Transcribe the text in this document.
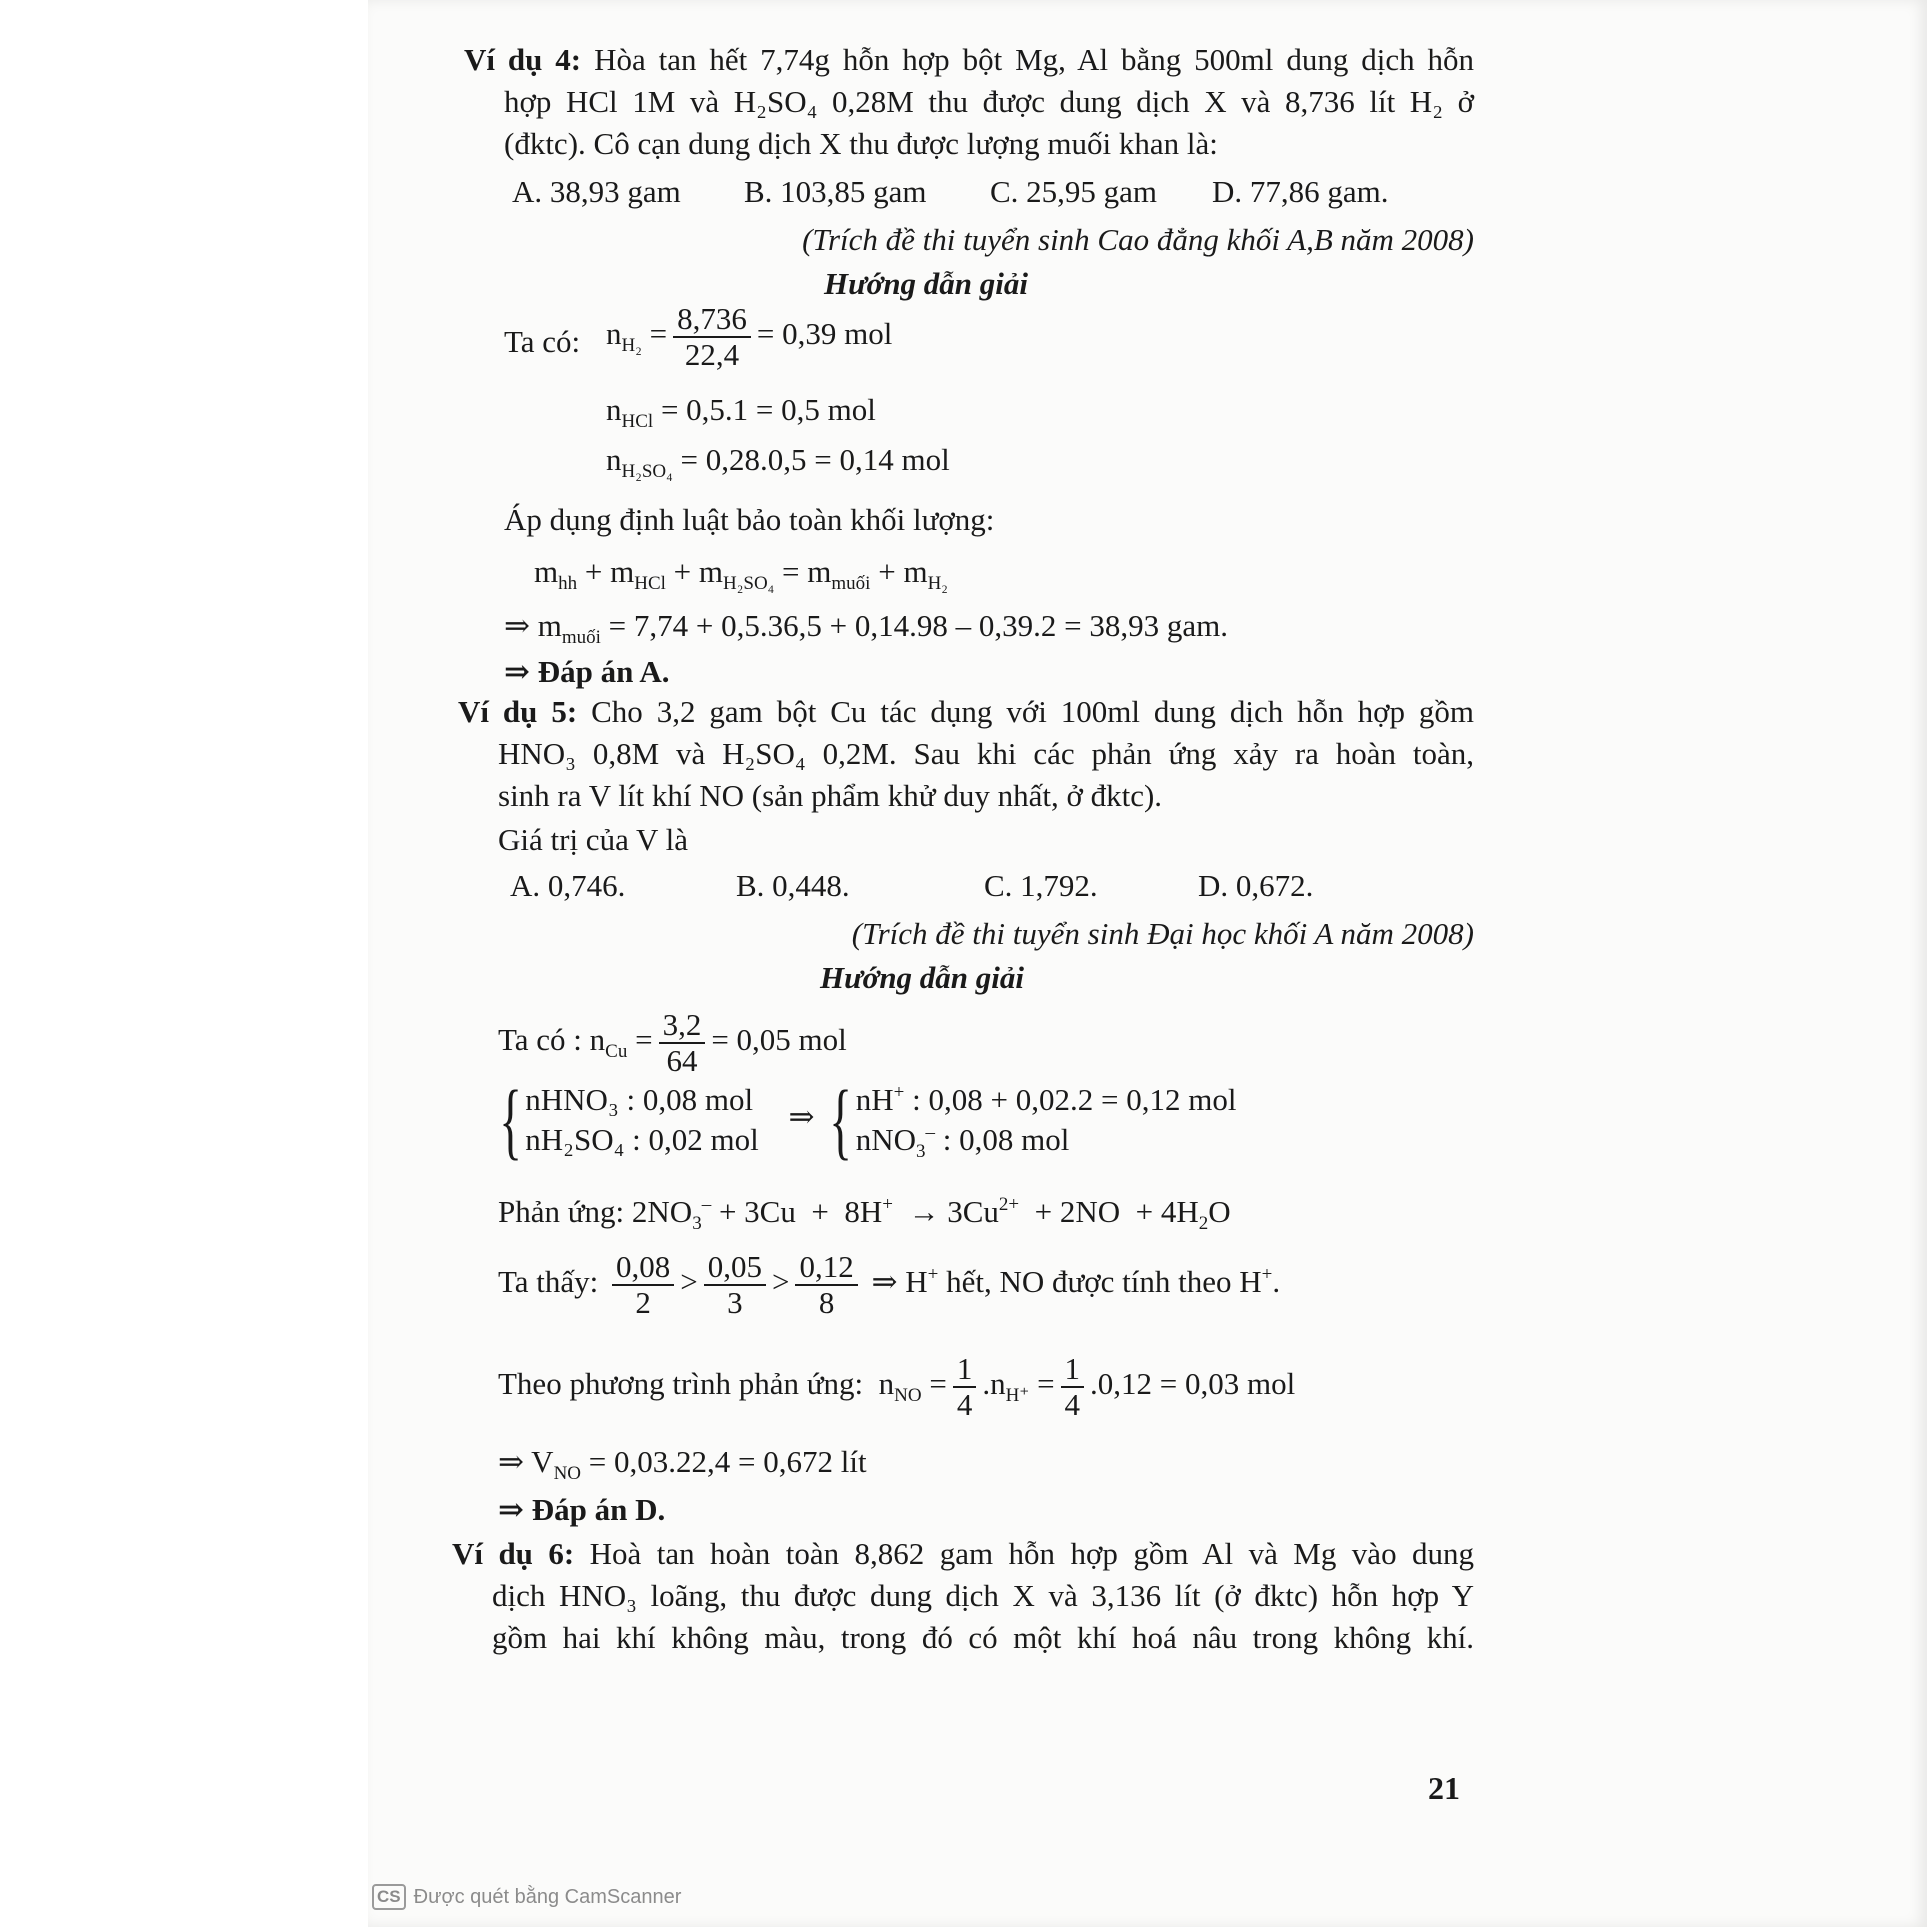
Ví dụ 4: Hòa tan hết 7,74g hỗn hợp bột Mg, Al bằng 500ml dung dịch hỗn
hợp HCl 1M và H₂SO₄ 0,28M thu được dung dịch X và 8,736 lít H₂ ở
(đktc). Cô cạn dung dịch X thu được lượng muối khan là:
A. 38,93 gam B. 103,85 gam C. 25,95 gam D. 77,86 gam.
(Trích đề thi tuyển sinh Cao đẳng khối A,B năm 2008)
Hướng dẫn giải
Ta có: $n_{H_2} = \frac{8,736}{22,4} = 0,39$ mol
$n_{HCl} = 0,5.1 = 0,5$ mol
$n_{H_2SO_4} = 0,28.0,5 = 0,14$ mol
Áp dụng định luật bảo toàn khối lượng:
$m_{hh} + m_{HCl} + m_{H_2SO_4} = m_{muối} + m_{H_2}$
⇒ $m_{muối} = 7,74 + 0,5.36,5 + 0,14.98 - 0,39.2 = 38,93$ gam.
⇒ Đáp án A.
Ví dụ 5: Cho 3,2 gam bột Cu tác dụng với 100ml dung dịch hỗn hợp gồm
HNO₃ 0,8M và H₂SO₄ 0,2M. Sau khi các phản ứng xảy ra hoàn toàn,
sinh ra V lít khí NO (sản phẩm khử duy nhất, ở đktc).
Giá trị của V là
A. 0,746.	B. 0,448.	C. 1,792.	D. 0,672.
(Trích đề thi tuyển sinh Đại học khối A năm 2008)
Hướng dẫn giải
Ta có : $n_{Cu} = \frac{3,2}{64} = 0,05$ mol
{ nHNO₃ : 0,08 mol
nH₂SO₄ : 0,02 mol
⇒ { nH+ : 0,08 + 0,02.2 = 0,12 mol
nNO$_3$– : 0,08 mol
Phản ứng: $2NO_3^- + 3Cu + 8H^+ \to 3Cu^{2+} + 2NO + 4H_2O$
Ta thấy: $\frac{0,08}{2} > \frac{0,05}{3} > \frac{0,12}{8}$ ⇒ H+ hết, NO được tính theo H+.
Theo phương trình phản ứng:  $n_{NO} = \frac{1}{4} .n_{H^+} = \frac{1}{4} .0,12 = 0,03$ mol
⇒ $V_{NO} = 0,03.22,4 = 0,672$ lít
⇒ Đáp án D.
Ví dụ 6: Hoà tan hoàn toàn 8,862 gam hỗn hợp gồm Al và Mg vào dung
dịch HNO₃ loãng, thu được dung dịch X và 3,136 lít (ở đktc) hỗn hợp Y
gồm hai khí không màu, trong đó có một khí hoá nâu trong không khí.
21
CS Được quét bằng CamScanner
